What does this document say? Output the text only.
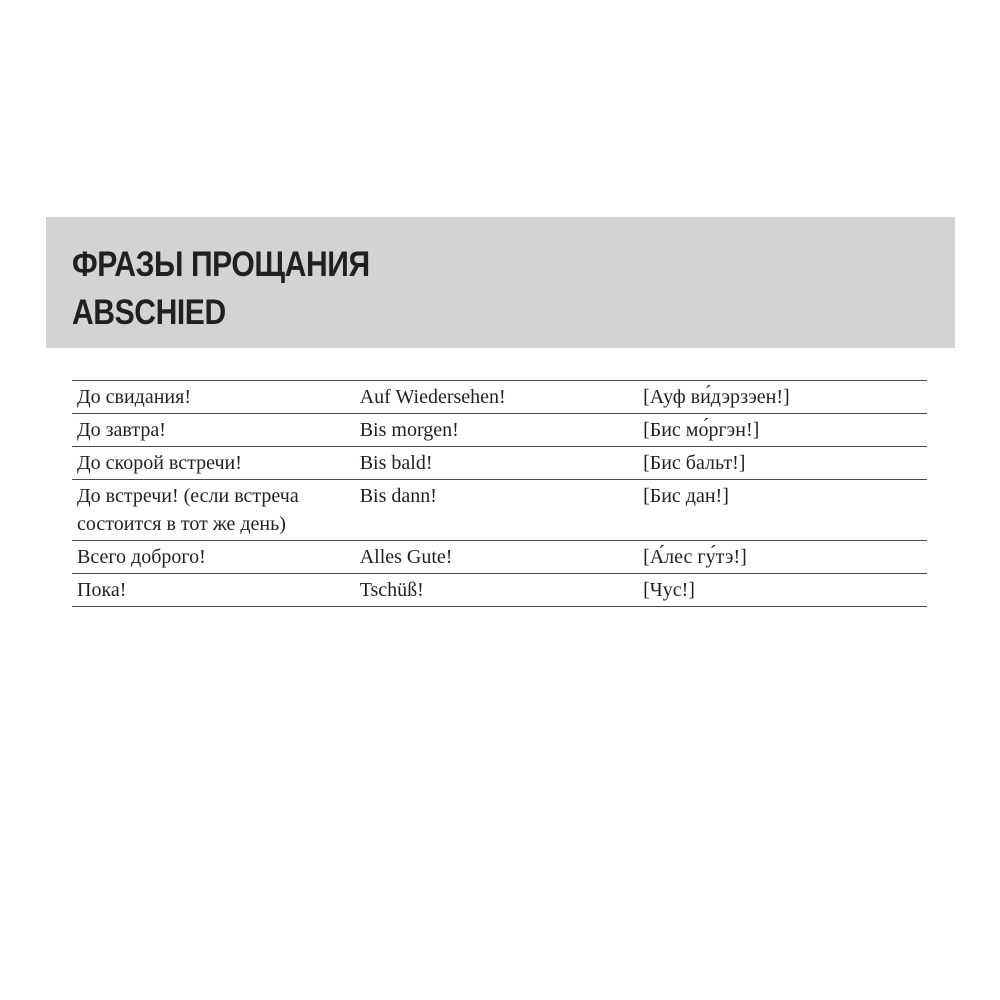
ФРАЗЫ ПРОЩАНИЯ
ABSCHIED
До свидания!	Auf Wiedersehen!	[Ауф ви́дэрзэен!]
До завтра!	Bis morgen!	[Бис мо́ргэн!]
До скорой встречи!	Bis bald!	[Бис бальт!]
До встречи! (если встреча
состоится в тот же день)	Bis dann!	[Бис дан!]
Всего доброго!	Alles Gute!	[А́лес гу́тэ!]
Пока!	Tschüß!	[Чус!]
